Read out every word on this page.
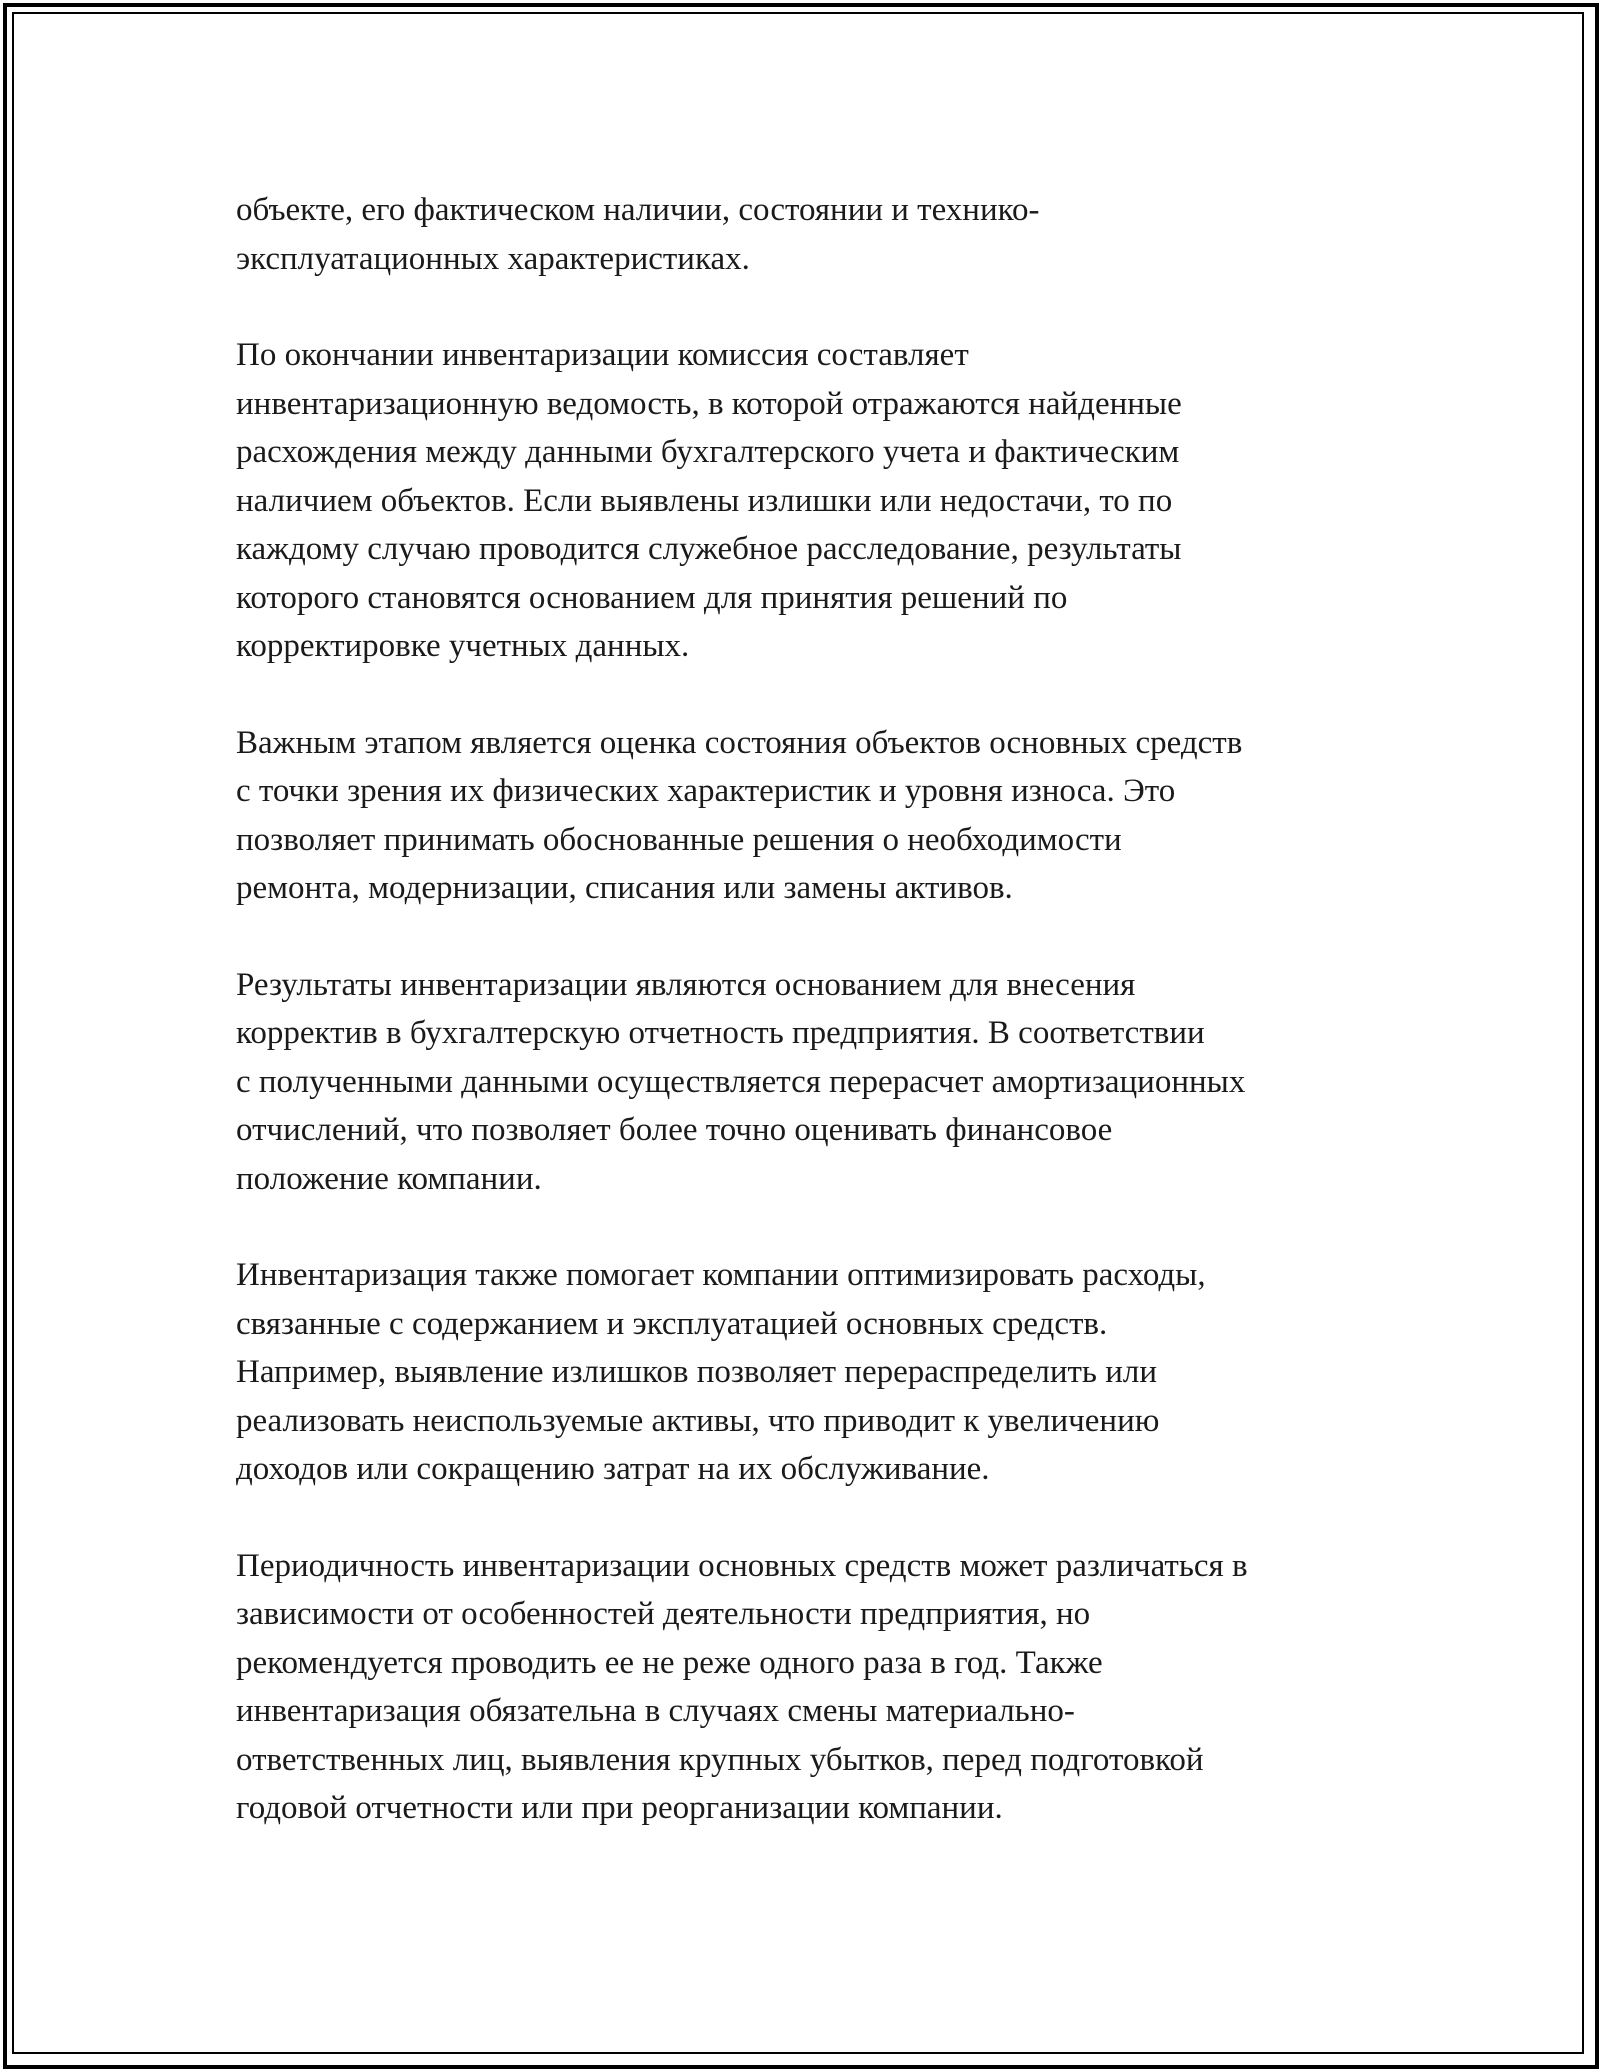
объекте, его фактическом наличии, состоянии и технико-
эксплуатационных характеристиках.

По окончании инвентаризации комиссия составляет
инвентаризационную ведомость, в которой отражаются найденные
расхождения между данными бухгалтерского учета и фактическим
наличием объектов. Если выявлены излишки или недостачи, то по
каждому случаю проводится служебное расследование, результаты
которого становятся основанием для принятия решений по
корректировке учетных данных.

Важным этапом является оценка состояния объектов основных средств
с точки зрения их физических характеристик и уровня износа. Это
позволяет принимать обоснованные решения о необходимости
ремонта, модернизации, списания или замены активов.

Результаты инвентаризации являются основанием для внесения
корректив в бухгалтерскую отчетность предприятия. В соответствии
с полученными данными осуществляется перерасчет амортизационных
отчислений, что позволяет более точно оценивать финансовое
положение компании.

Инвентаризация также помогает компании оптимизировать расходы,
связанные с содержанием и эксплуатацией основных средств.
Например, выявление излишков позволяет перераспределить или
реализовать неиспользуемые активы, что приводит к увеличению
доходов или сокращению затрат на их обслуживание.

Периодичность инвентаризации основных средств может различаться в
зависимости от особенностей деятельности предприятия, но
рекомендуется проводить ее не реже одного раза в год. Также
инвентаризация обязательна в случаях смены материально-
ответственных лиц, выявления крупных убытков, перед подготовкой
годовой отчетности или при реорганизации компании.
